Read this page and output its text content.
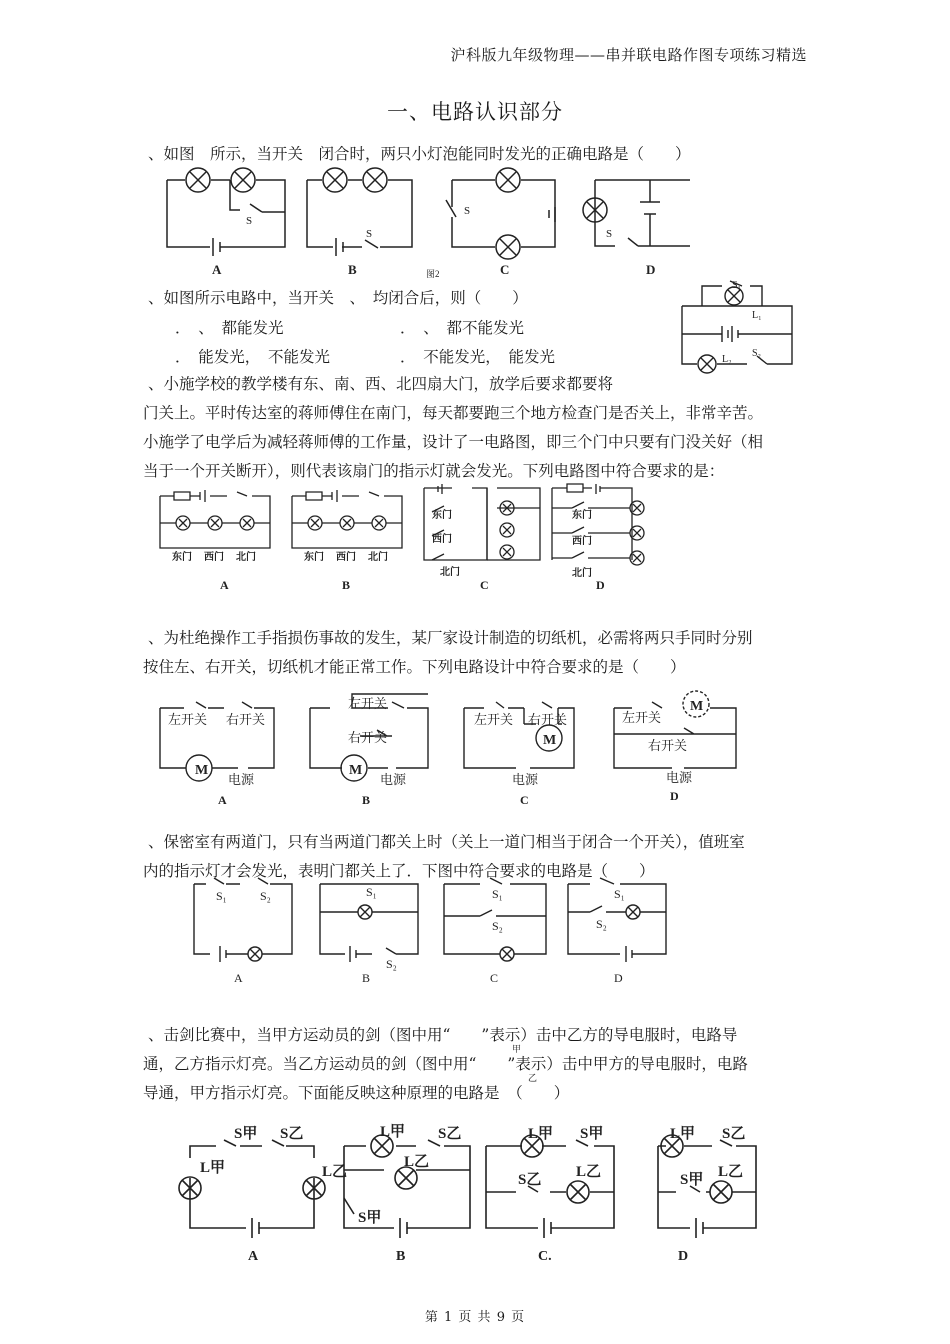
沪科版九年级物理——串并联电路作图专项练习精选
一、电路认识部分
、如图　所示，当开关　闭合时，两只小灯泡能同时发光的正确电路是（　　）
S
S
S
S
A	B	C	D
图2
、如图所示电路中，当开关　、　均闭合后，则（　　）
．　、　都能发光	．　、　都不能发光
．　能发光，　不能发光	．　不能发光，　能发光
S₁
L₁
L₂
S₂
、小施学校的教学楼有东、南、西、北四扇大门，放学后要求都要将
门关上。平时传达室的蒋师傅住在南门，每天都要跑三个地方检查门是否关上，非常辛苦。
小施学了电学后为减轻蒋师傅的工作量，设计了一电路图，即三个门中只要有门没关好（相
当于一个开关断开），则代表该扇门的指示灯就会发光。下列电路图中符合要求的是：
东门 西门 北门	东门 西门 北门
东门
西门
北门
东门
西门
北门
A	B	C	D
、为杜绝操作工手指损伤事故的发生，某厂家设计制造的切纸机，必需将两只手同时分别
按住左、右开关，切纸机才能正常工作。下列电路设计中符合要求的是（　　）
M	M
M
M
左开关 右开关
电源
左开关
右开关
电源
左开关 右开关
电源
左开关
右开关
电源
A	B	C	D
、保密室有两道门，只有当两道门都关上时（关上一道门相当于闭合一个开关），值班室
内的指示灯才会发光，表明门都关上了．下图中符合要求的电路是（　　）
S₁	S₂	S₁
S₂
S₁
S₂
S₁
S₂
A	B	C	D
、击剑比赛中，当甲方运动员的剑（图中用“　　”表示）击中乙方的导电服时，电路导
通，乙方指示灯亮。当乙方运动员的剑（图中用“　　”表示）击中甲方的导电服时，电路
导通，甲方指示灯亮。下面能反映这种原理的电路是　（　　）
甲
乙
S甲 S乙
L甲	L乙
L甲 S乙
L乙
S甲
L甲 S甲
S乙 L乙
L甲 S乙
S甲 L乙
A	B	C.	D
第 1 页 共 9 页
